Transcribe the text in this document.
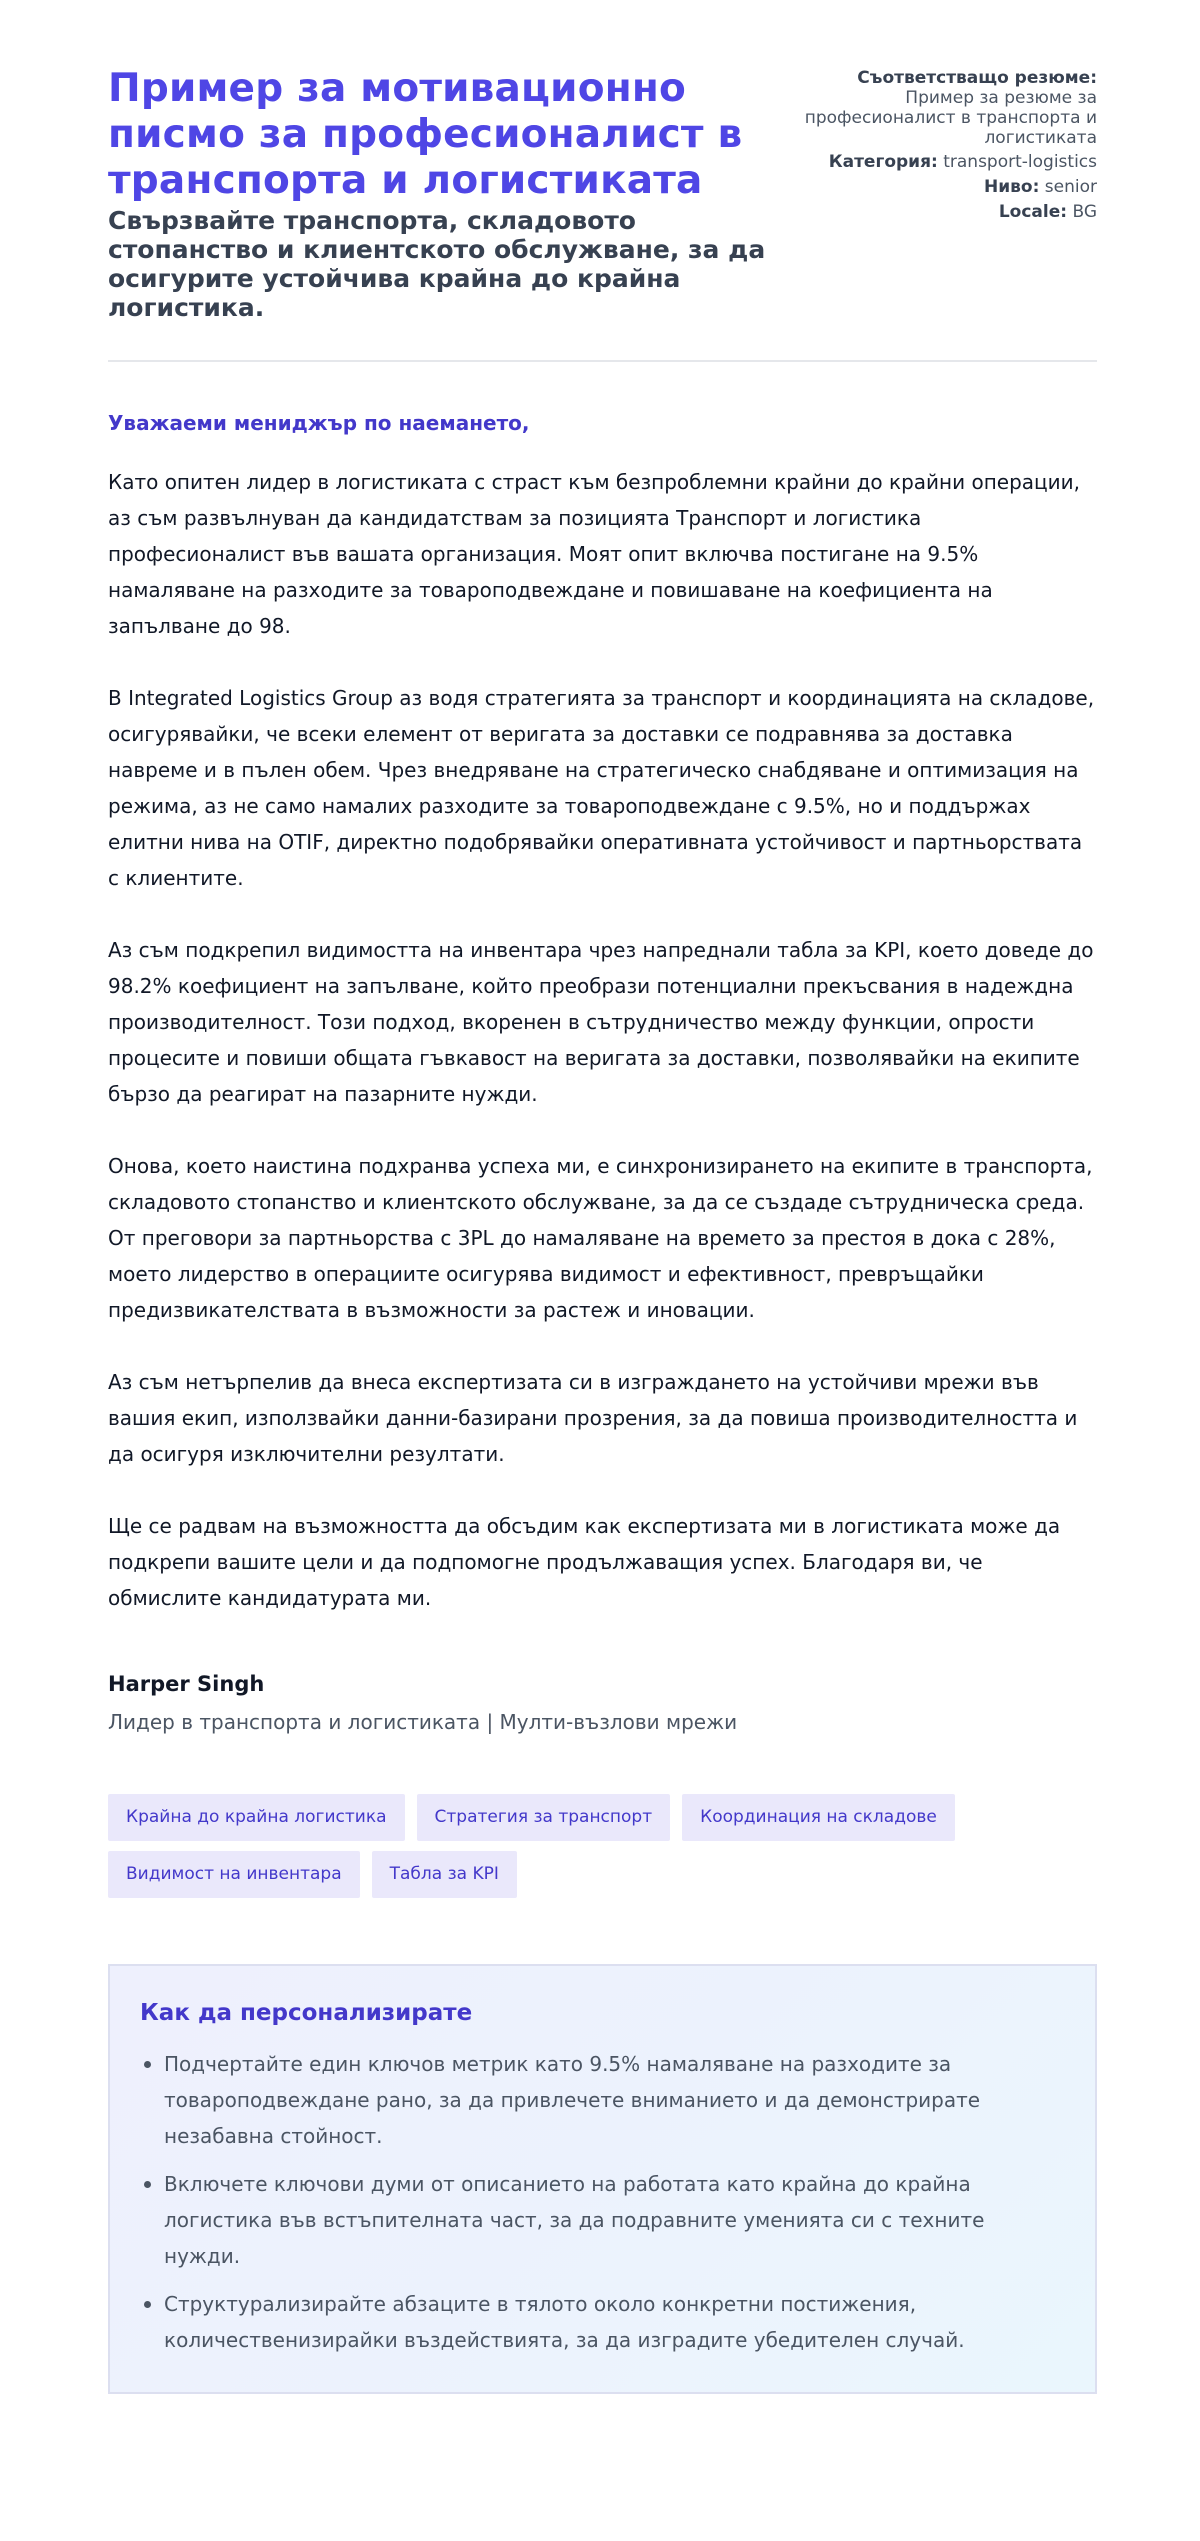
Пример за мотивационно писмо за професионалист в транспорта и логистиката
Свързвайте транспорта, складовото стопанство и клиентското обслужване, за да осигурите устойчива крайна до крайна логистика.
Съответстващо резюме:
Пример за резюме за професионалист в транспорта и логистиката
Категория: transport-logistics
Ниво: senior
Locale: BG
Уважаеми мениджър по наемането,

Като опитен лидер в логистиката с страст към безпроблемни крайни до крайни операции, аз съм развълнуван да кандидатствам за позицията Транспорт и логистика професионалист във вашата организация. Моят опит включва постигане на 9.5% намаляване на разходите за товароподвеждане и повишаване на коефициента на запълване до 98.

В Integrated Logistics Group аз водя стратегията за транспорт и координацията на складове, осигурявайки, че всеки елемент от веригата за доставки се подравнява за доставка навреме и в пълен обем. Чрез внедряване на стратегическо снабдяване и оптимизация на режима, аз не само намалих разходите за товароподвеждане с 9.5%, но и поддържах елитни нива на OTIF, директно подобрявайки оперативната устойчивост и партньорствата с клиентите.

Аз съм подкрепил видимостта на инвентара чрез напреднали табла за KPI, което доведе до 98.2% коефициент на запълване, който преобрази потенциални прекъсвания в надеждна производителност. Този подход, вкоренен в сътрудничество между функции, опрости процесите и повиши общата гъвкавост на веригата за доставки, позволявайки на екипите бързо да реагират на пазарните нужди.

Онова, което наистина подхранва успеха ми, е синхронизирането на екипите в транспорта, складовото стопанство и клиентското обслужване, за да се създаде сътрудническа среда. От преговори за партньорства с 3PL до намаляване на времето за престоя в дока с 28%, моето лидерство в операциите осигурява видимост и ефективност, превръщайки предизвикателствата в възможности за растеж и иновации.

Аз съм нетърпелив да внеса експертизата си в изграждането на устойчиви мрежи във вашия екип, използвайки данни-базирани прозрения, за да повиша производителността и да осигуря изключителни резултати.

Ще се радвам на възможността да обсъдим как експертизата ми в логистиката може да подкрепи вашите цели и да подпомогне продължаващия успех. Благодаря ви, че обмислите кандидатурата ми.

Harper Singh
Лидер в транспорта и логистиката | Мулти-възлови мрежи
Крайна до крайна логистика	Стратегия за транспорт	Координация на складове
Видимост на инвентара	Табла за KPI
Как да персонализирате
Подчертайте един ключов метрик като 9.5% намаляване на разходите за товароподвеждане рано, за да привлечете вниманието и да демонстрирате незабавна стойност.
Включете ключови думи от описанието на работата като крайна до крайна логистика във встъпителната част, за да подравните уменията си с техните нужди.
Структурализирайте абзаците в тялото около конкретни постижения, количественизирайки въздействията, за да изградите убедителен случай.
